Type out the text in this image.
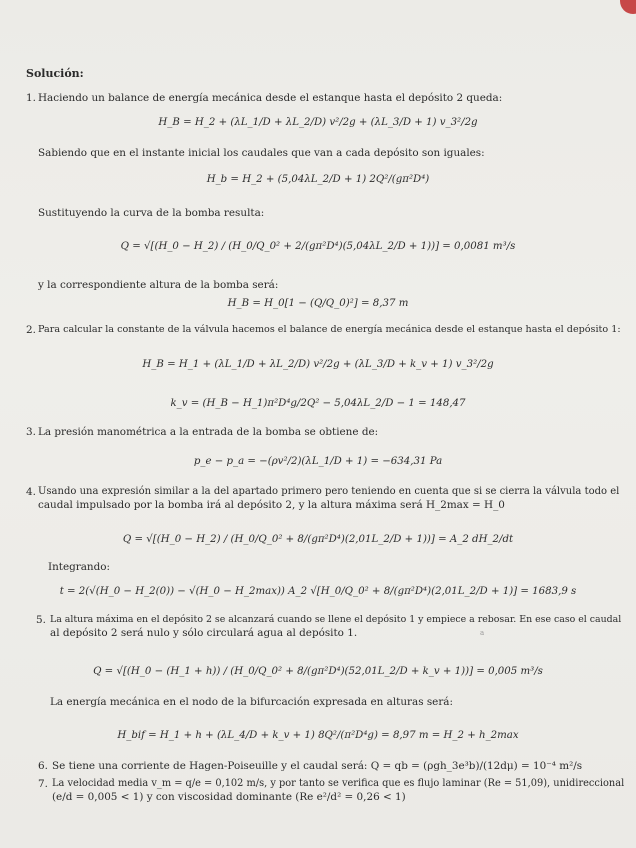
Solución:
1. Haciendo un balance de energía mecánica desde el estanque hasta el depósito 2 queda:
H_B = H_2 + (λL_1/D + λL_2/D) v²/2g + (λL_3/D + 1) v_3²/2g
Sabiendo que en el instante inicial los caudales que van a cada depósito son iguales:
H_b = H_2 + (5,04λL_2/D + 1) 2Q²/(gπ²D⁴)
Sustituyendo la curva de la bomba resulta:
Q = √[(H_0 − H_2) / (H_0/Q_0² + 2/(gπ²D⁴)(5,04λL_2/D + 1))] = 0,0081 m³/s
y la correspondiente altura de la bomba será:
H_B = H_0[1 − (Q/Q_0)²] = 8,37 m
2. Para calcular la constante de la válvula hacemos el balance de energía mecánica desde el estanque hasta el depósito 1:
H_B = H_1 + (λL_1/D + λL_2/D) v²/2g + (λL_3/D + k_v + 1) v_3²/2g
k_v = (H_B − H_1)π²D⁴g/2Q² − 5,04λL_2/D − 1 = 148,47
3. La presión manométrica a la entrada de la bomba se obtiene de:
p_e − p_a = −(ρv²/2)(λL_1/D + 1) = −634,31 Pa
4. Usando una expresión similar a la del apartado primero pero teniendo en cuenta que si se cierra la válvula todo el
caudal impulsado por la bomba irá al depósito 2, y la altura máxima será H_2max = H_0
Q = √[(H_0 − H_2) / (H_0/Q_0² + 8/(gπ²D⁴)(2,01L_2/D + 1))] = A_2 dH_2/dt
Integrando:
t = 2(√(H_0 − H_2(0)) − √(H_0 − H_2max)) A_2 √[H_0/Q_0² + 8/(gπ²D⁴)(2,01L_2/D + 1)] = 1683,9 s
5. La altura máxima en el depósito 2 se alcanzará cuando se llene el depósito 1 y empiece a rebosar. En ese caso el caudal
al depósito 2 será nulo y sólo circulará agua al depósito 1.	a
Q = √[(H_0 − (H_1 + h)) / (H_0/Q_0² + 8/(gπ²D⁴)(52,01L_2/D + k_v + 1))] = 0,005 m³/s
La energía mecánica en el nodo de la bifurcación expresada en alturas será:
H_bif = H_1 + h + (λL_4/D + k_v + 1) 8Q²/(π²D⁴g) = 8,97 m = H_2 + h_2max
6. Se tiene una corriente de Hagen-Poiseuille y el caudal será: Q = qb = (ρgh_3e³b)/(12dμ) = 10⁻⁴ m²/s
7. La velocidad media v_m = q/e = 0,102 m/s, y por tanto se verifica que es flujo laminar (Re = 51,09), unidireccional
(e/d = 0,005 < 1) y con viscosidad dominante (Re e²/d² = 0,26 < 1)
